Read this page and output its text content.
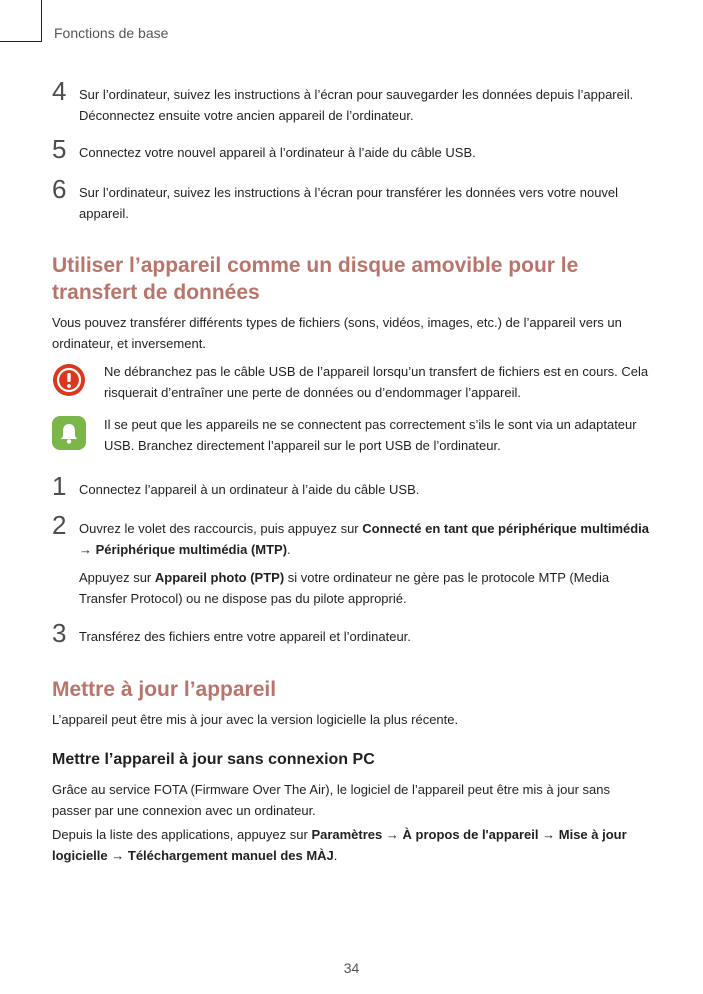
Fonctions de base
4 Sur l’ordinateur, suivez les instructions à l’écran pour sauvegarder les données depuis l’appareil. Déconnectez ensuite votre ancien appareil de l’ordinateur.
5 Connectez votre nouvel appareil à l’ordinateur à l’aide du câble USB.
6 Sur l’ordinateur, suivez les instructions à l’écran pour transférer les données vers votre nouvel appareil.
Utiliser l’appareil comme un disque amovible pour le transfert de données
Vous pouvez transférer différents types de fichiers (sons, vidéos, images, etc.) de l’appareil vers un ordinateur, et inversement.
Ne débranchez pas le câble USB de l’appareil lorsqu’un transfert de fichiers est en cours. Cela risquerait d’entraîner une perte de données ou d’endommager l’appareil.
Il se peut que les appareils ne se connectent pas correctement s’ils le sont via un adaptateur USB. Branchez directement l’appareil sur le port USB de l’ordinateur.
1 Connectez l’appareil à un ordinateur à l’aide du câble USB.
2 Ouvrez le volet des raccourcis, puis appuyez sur Connecté en tant que périphérique multimédia → Périphérique multimédia (MTP).
Appuyez sur Appareil photo (PTP) si votre ordinateur ne gère pas le protocole MTP (Media Transfer Protocol) ou ne dispose pas du pilote approprié.
3 Transférez des fichiers entre votre appareil et l’ordinateur.
Mettre à jour l’appareil
L’appareil peut être mis à jour avec la version logicielle la plus récente.
Mettre l’appareil à jour sans connexion PC
Grâce au service FOTA (Firmware Over The Air), le logiciel de l’appareil peut être mis à jour sans passer par une connexion avec un ordinateur.
Depuis la liste des applications, appuyez sur Paramètres → À propos de l'appareil → Mise à jour logicielle → Téléchargement manuel des MÀJ.
34
